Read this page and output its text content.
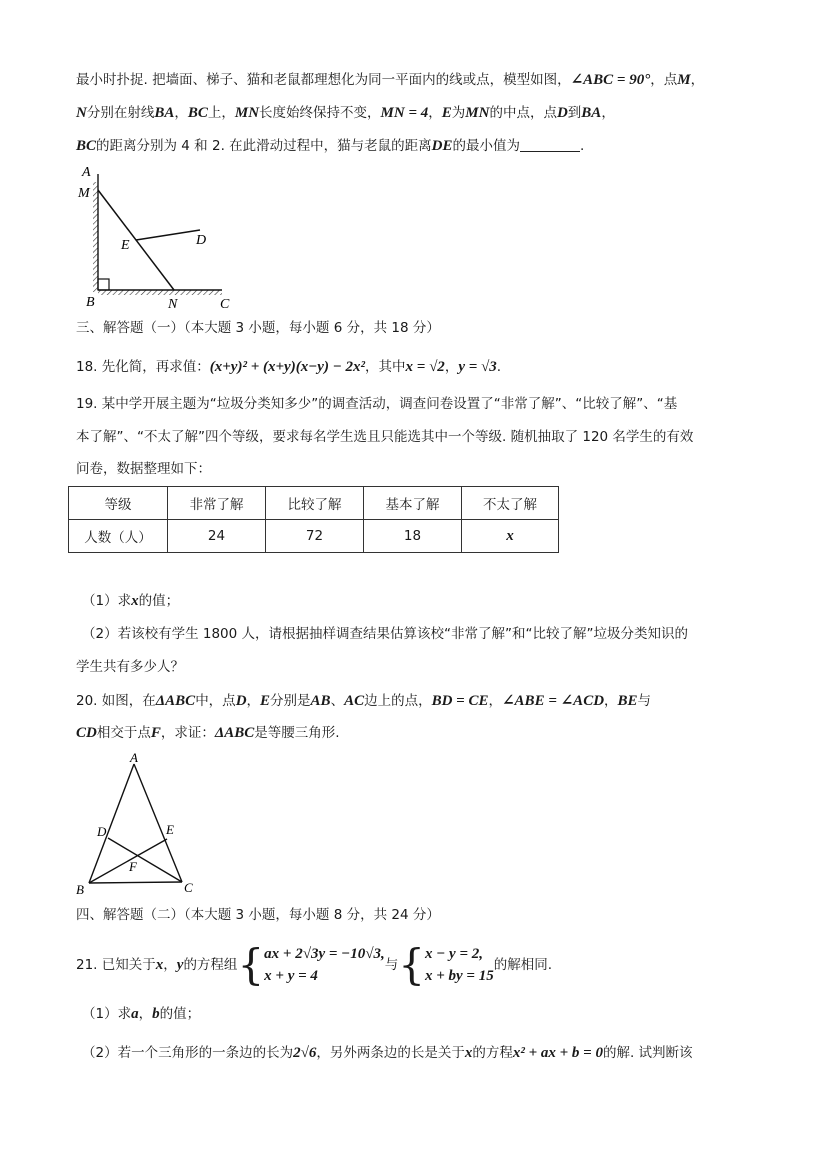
最小时扑捉. 把墙面、梯子、猫和老鼠都理想化为同一平面内的线或点，模型如图，∠ABC = 90°，点M，
N分别在射线BA，BC上，MN长度始终保持不变，MN = 4，E为MN的中点，点D到BA，
BC的距离分别为 4 和 2. 在此滑动过程中，猫与老鼠的距离DE的最小值为	.
A
M
E	D
B	N	C
三、解答题（一）（本大题 3 小题，每小题 6 分，共 18 分）
18. 先化简，再求值：(x+y)² + (x+y)(x−y) − 2x²，其中x = √2，y = √3.
19. 某中学开展主题为“垃圾分类知多少”的调查活动，调查问卷设置了“非常了解”、“比较了解”、“基
本了解”、“不太了解”四个等级，要求每名学生选且只能选其中一个等级. 随机抽取了 120 名学生的有效
问卷，数据整理如下：
等级	非常了解	比较了解	基本了解	不太了解
人数（人）	24	72	18	x
（1）求x的值；
（2）若该校有学生 1800 人，请根据抽样调查结果估算该校“非常了解”和“比较了解”垃圾分类知识的
学生共有多少人？
20. 如图，在ΔABC中，点D，E分别是AB、AC边上的点，BD = CE，∠ABE = ∠ACD，BE与
CD相交于点F，求证：ΔABC是等腰三角形.
A
D	E
F
B	C
四、解答题（二）（本大题 3 小题，每小题 8 分，共 24 分）
21. 已知关于x，y的方程组{ax + 2√3y = −10√3,
x + y = 4与{x − y = 2,
x + by = 15的解相同.
（1）求a，b的值；
（2）若一个三角形的一条边的长为2√6，另外两条边的长是关于x的方程x² + ax + b = 0的解. 试判断该
